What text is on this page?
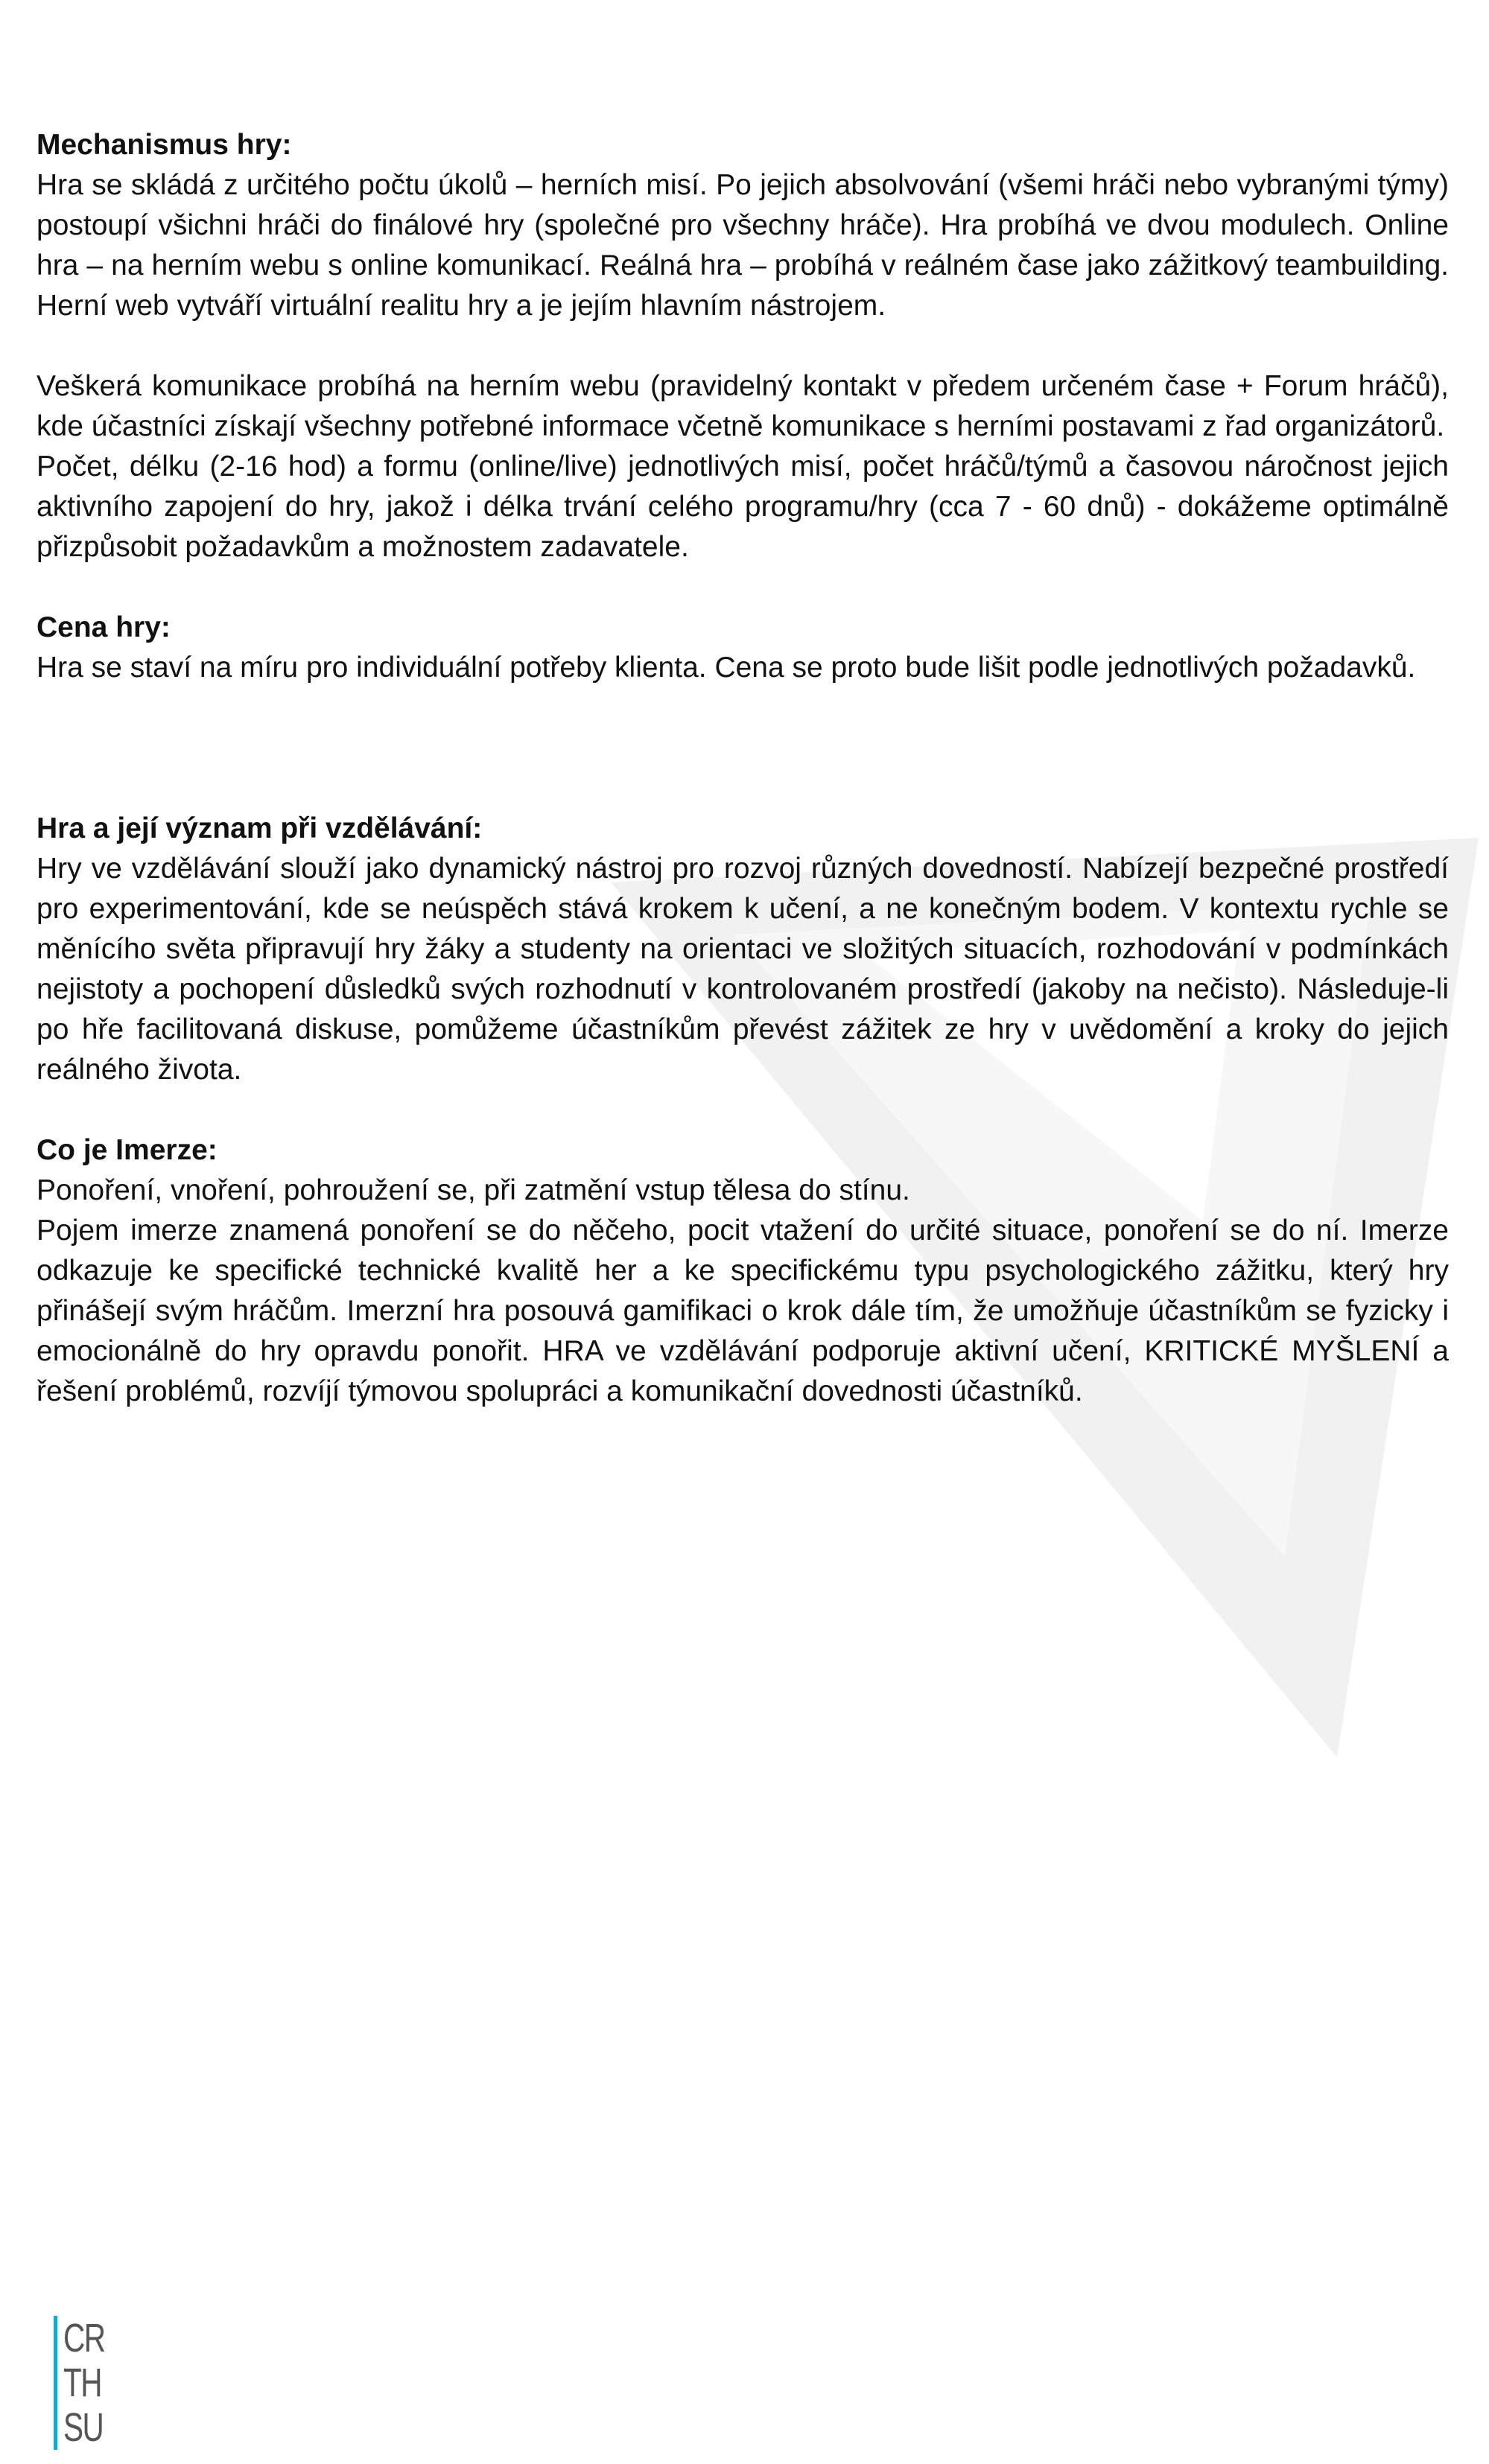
Mechanismus hry:

Hra se skládá z určitého počtu úkolů – herních misí. Po jejich absolvování (všemi hráči nebo vybranými týmy) postoupí všichni hráči do finálové hry (společné pro všechny hráče). Hra probíhá ve dvou modulech. Online hra – na herním webu s online komunikací. Reálná hra – probíhá v reálném čase jako zážitkový teambuilding. Herní web vytváří virtuální realitu hry a je jejím hlavním nástrojem.

Veškerá komunikace probíhá na herním webu (pravidelný kontakt v předem určeném čase + Forum hráčů), kde účastníci získají všechny potřebné informace včetně komunikace s herními postavami z řad organizátorů.

Počet, délku (2-16 hod) a formu (online/live) jednotlivých misí, počet hráčů/týmů a časovou náročnost jejich aktivního zapojení do hry, jakož i délka trvání celého programu/hry (cca 7 - 60 dnů) - dokážeme optimálně přizpůsobit požadavkům a možnostem zadavatele.

Cena hry:

Hra se staví na míru pro individuální potřeby klienta. Cena se proto bude lišit podle jednotlivých požadavků.

Hra a její význam při vzdělávání:

Hry ve vzdělávání slouží jako dynamický nástroj pro rozvoj různých dovedností. Nabízejí bezpečné prostředí pro experimentování, kde se neúspěch stává krokem k učení, a ne konečným bodem. V kontextu rychle se měnícího světa připravují hry žáky a studenty na orientaci ve složitých situacích, rozhodování v podmínkách nejistoty a pochopení důsledků svých rozhodnutí v kontrolovaném prostředí (jakoby na nečisto). Následuje-li po hře facilitovaná diskuse, pomůžeme účastníkům převést zážitek ze hry v uvědomění a kroky do jejich reálného života.

Co je Imerze:

Ponoření, vnoření, pohroužení se, při zatmění vstup tělesa do stínu.

Pojem imerze znamená ponoření se do něčeho, pocit vtažení do určité situace, ponoření se do ní. Imerze odkazuje ke specifické technické kvalitě her a ke specifickému typu psychologického zážitku, který hry přinášejí svým hráčům. Imerzní hra posouvá gamifikaci o krok dále tím, že umožňuje účastníkům se fyzicky i emocionálně do hry opravdu ponořit. HRA ve vzdělávání podporuje aktivní učení, KRITICKÉ MYŠLENÍ a řešení problémů, rozvíjí týmovou spolupráci a komunikační dovednosti účastníků.

CR

TH

SU
